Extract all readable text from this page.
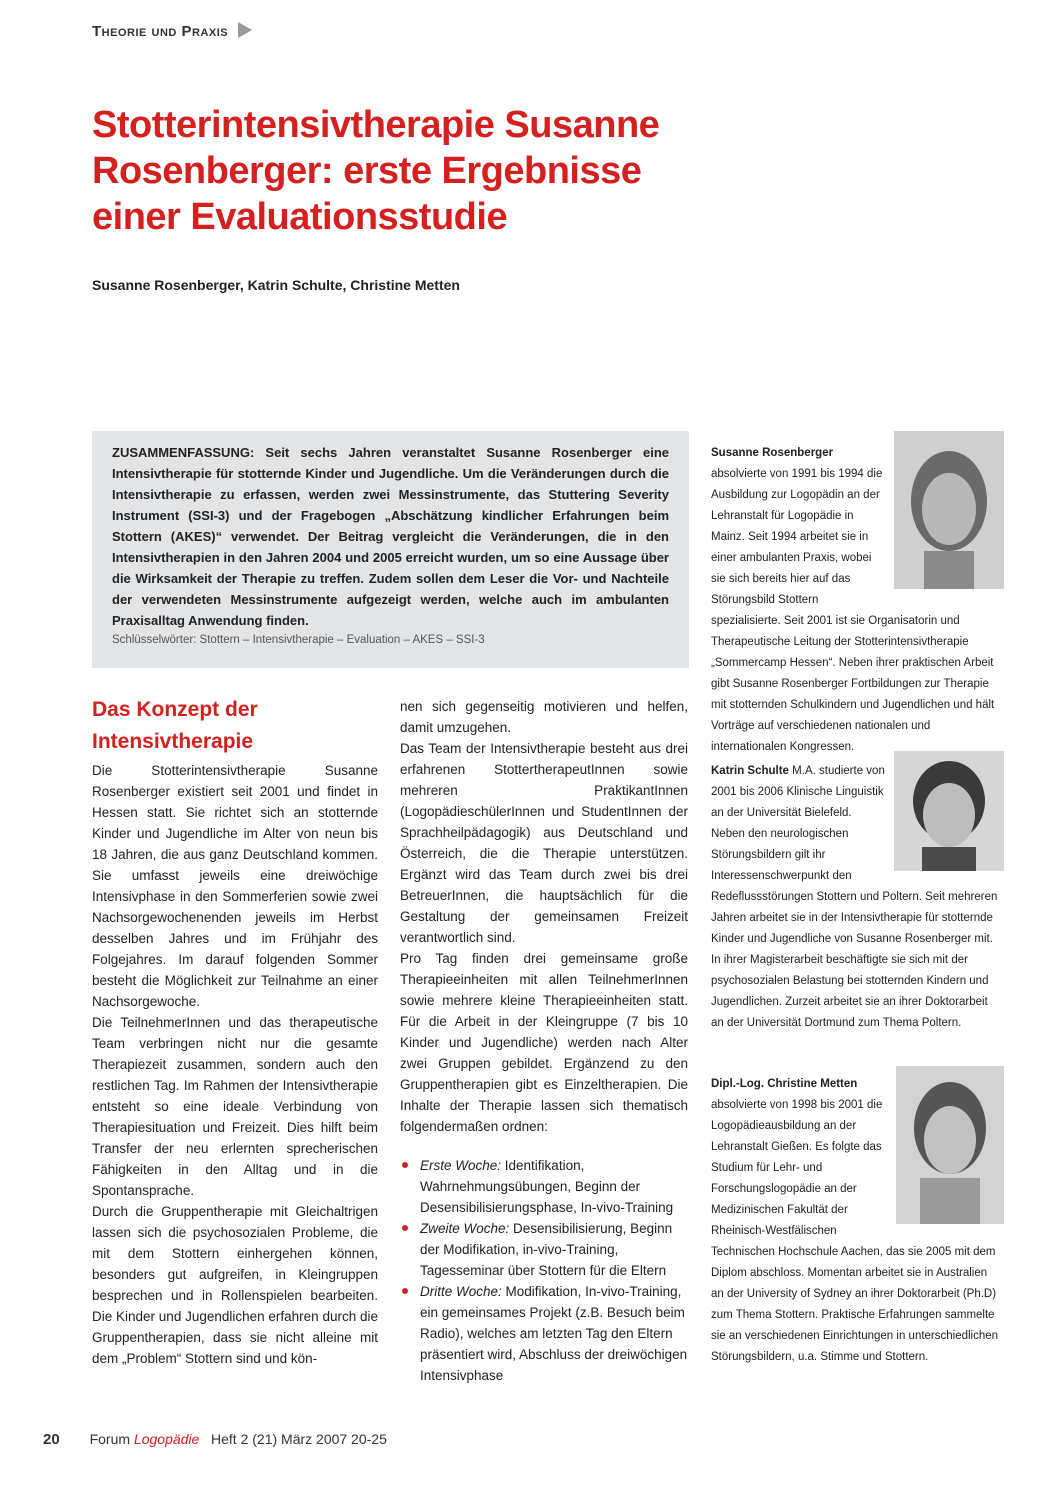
Theorie und Praxis
Stotterintensivtherapie Susanne Rosenberger: erste Ergebnisse einer Evaluationsstudie
Susanne Rosenberger, Katrin Schulte, Christine Metten

ZUSAMMENFASSUNG: Seit sechs Jahren veranstaltet Susanne Rosenberger eine Intensivtherapie für stotternde Kinder und Jugendliche. Um die Veränderungen durch die Intensivtherapie zu erfassen, werden zwei Messinstrumente, das Stuttering Severity Instrument (SSI-3) und der Fragebogen „Abschätzung kindlicher Erfahrungen beim Stottern (AKES)“ verwendet. Der Beitrag vergleicht die Veränderungen, die in den Intensivtherapien in den Jahren 2004 und 2005 erreicht wurden, um so eine Aussage über die Wirksamkeit der Therapie zu treffen. Zudem sollen dem Leser die Vor- und Nachteile der verwendeten Messinstrumente aufgezeigt werden, welche auch im ambulanten Praxisalltag Anwendung finden.

Schlüsselwörter: Stottern – Intensivtherapie – Evaluation – AKES – SSI-3
Das Konzept der Intensivtherapie

Die Stotterintensivtherapie Susanne Rosenberger existiert seit 2001 und findet in Hessen statt. Sie richtet sich an stotternde Kinder und Jugendliche im Alter von neun bis 18 Jahren, die aus ganz Deutschland kommen. Sie umfasst jeweils eine dreiwöchige Intensivphase in den Sommerferien sowie zwei Nachsorgewochenenden jeweils im Herbst desselben Jahres und im Frühjahr des Folgejahres. Im darauf folgenden Sommer besteht die Möglichkeit zur Teilnahme an einer Nachsorgewoche.

Die TeilnehmerInnen und das therapeutische Team verbringen nicht nur die gesamte Therapiezeit zusammen, sondern auch den restlichen Tag. Im Rahmen der Intensivtherapie entsteht so eine ideale Verbindung von Therapiesituation und Freizeit. Dies hilft beim Transfer der neu erlernten sprecherischen Fähigkeiten in den Alltag und in die Spontansprache.

Durch die Gruppentherapie mit Gleichaltrigen lassen sich die psychosozialen Probleme, die mit dem Stottern einhergehen können, besonders gut aufgreifen, in Kleingruppen besprechen und in Rollenspielen bearbeiten. Die Kinder und Jugendlichen erfahren durch die Gruppentherapien, dass sie nicht alleine mit dem „Problem“ Stottern sind und kön-

nen sich gegenseitig motivieren und helfen, damit umzugehen.

Das Team der Intensivtherapie besteht aus drei erfahrenen StottertherapeutInnen sowie mehreren PraktikantInnen (LogopädieschülerInnen und StudentInnen der Sprachheilpädagogik) aus Deutschland und Österreich, die die Therapie unterstützen. Ergänzt wird das Team durch zwei bis drei BetreuerInnen, die hauptsächlich für die Gestaltung der gemeinsamen Freizeit verantwortlich sind.

Pro Tag finden drei gemeinsame große Therapieeinheiten mit allen TeilnehmerInnen sowie mehrere kleine Therapieeinheiten statt. Für die Arbeit in der Kleingruppe (7 bis 10 Kinder und Jugendliche) werden nach Alter zwei Gruppen gebildet. Ergänzend zu den Gruppentherapien gibt es Einzeltherapien. Die Inhalte der Therapie lassen sich thematisch folgendermaßen ordnen:

Erste Woche: Identifikation, Wahrnehmungsübungen, Beginn der Desensibilisierungsphase, In-vivo-Training
Zweite Woche: Desensibilisierung, Beginn der Modifikation, in-vivo-Training, Tagesseminar über Stottern für die Eltern
Dritte Woche: Modifikation, In-vivo-Training, ein gemeinsames Projekt (z.B. Besuch beim Radio), welches am letzten Tag den Eltern präsentiert wird, Abschluss der dreiwöchigen Intensivphase

Susanne Rosenberger absolvierte von 1991 bis 1994 die Ausbildung zur Logopädin an der Lehranstalt für Logopädie in Mainz. Seit 1994 arbeitet sie in einer ambulanten Praxis, wobei sie sich bereits hier auf das Störungsbild Stottern spezialisierte. Seit 2001 ist sie Organisatorin und Therapeutische Leitung der Stotterintensivtherapie „Sommercamp Hessen“. Neben ihrer praktischen Arbeit gibt Susanne Rosenberger Fortbildungen zur Therapie mit stotternden Schulkindern und Jugendlichen und hält Vorträge auf verschiedenen nationalen und internationalen Kongressen.

Katrin Schulte M.A. studierte von 2001 bis 2006 Klinische Linguistik an der Universität Bielefeld. Neben den neurologischen Störungsbildern gilt ihr Interessenschwerpunkt den Redeflussstörungen Stottern und Poltern. Seit mehreren Jahren arbeitet sie in der Intensivtherapie für stotternde Kinder und Jugendliche von Susanne Rosenberger mit. In ihrer Magisterarbeit beschäftigte sie sich mit der psychosozialen Belastung bei stotternden Kindern und Jugendlichen. Zurzeit arbeitet sie an ihrer Doktorarbeit an der Universität Dortmund zum Thema Poltern.

Dipl.-Log. Christine Metten absolvierte von 1998 bis 2001 die Logopädieausbildung an der Lehranstalt Gießen. Es folgte das Studium für Lehr- und Forschungslogopädie an der Medizinischen Fakultät der Rheinisch-Westfälischen Technischen Hochschule Aachen, das sie 2005 mit dem Diplom abschloss. Momentan arbeitet sie in Australien an der University of Sydney an ihrer Doktorarbeit (Ph.D) zum Thema Stottern. Praktische Erfahrungen sammelte sie an verschiedenen Einrichtungen in unterschiedlichen Störungsbildern, u.a. Stimme und Stottern.

20 Forum Logopädie Heft 2 (21) März 2007 20-25
